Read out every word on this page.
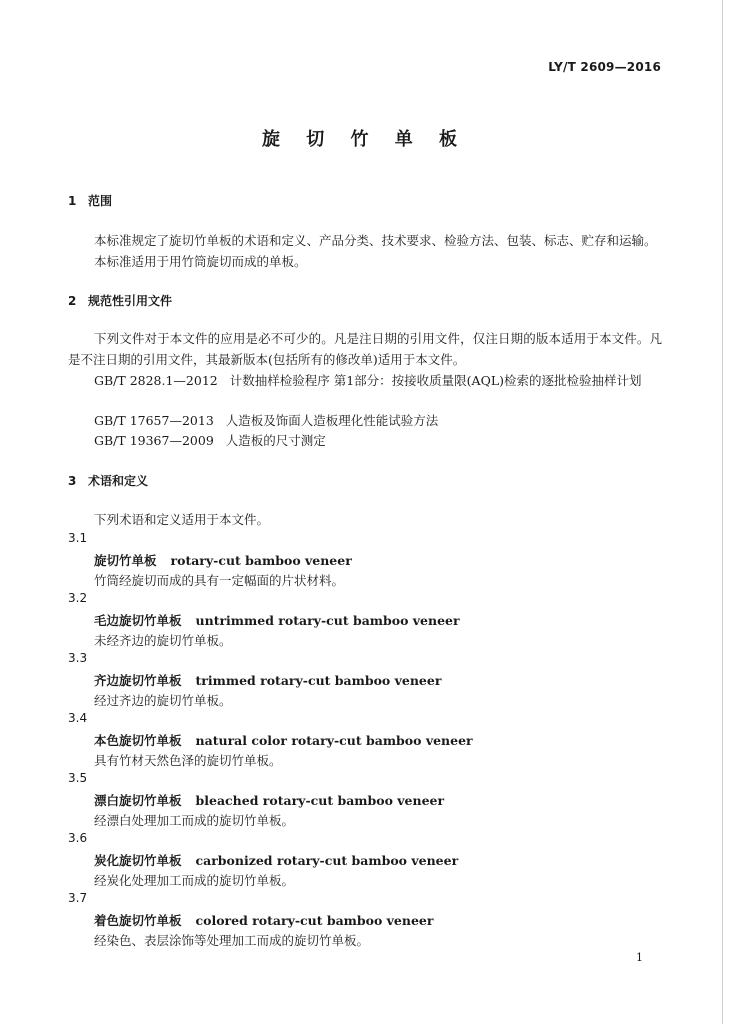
LY/T 2609—2016
旋 切 竹 单 板
1 范围
本标准规定了旋切竹单板的术语和定义、产品分类、技术要求、检验方法、包装、标志、贮存和运输。
本标准适用于用竹筒旋切而成的单板。
2 规范性引用文件
下列文件对于本文件的应用是必不可少的。凡是注日期的引用文件，仅注日期的版本适用于本文件。凡是不注日期的引用文件，其最新版本(包括所有的修改单)适用于本文件。
GB/T 2828.1—2012 计数抽样检验程序 第1部分：按接收质量限(AQL)检索的逐批检验抽样计划
GB/T 17657—2013 人造板及饰面人造板理化性能试验方法
GB/T 19367—2009 人造板的尺寸测定
3 术语和定义
下列术语和定义适用于本文件。
3.1
旋切竹单板 rotary-cut bamboo veneer
竹筒经旋切而成的具有一定幅面的片状材料。
3.2
毛边旋切竹单板 untrimmed rotary-cut bamboo veneer
未经齐边的旋切竹单板。
3.3
齐边旋切竹单板 trimmed rotary-cut bamboo veneer
经过齐边的旋切竹单板。
3.4
本色旋切竹单板 natural color rotary-cut bamboo veneer
具有竹材天然色泽的旋切竹单板。
3.5
漂白旋切竹单板 bleached rotary-cut bamboo veneer
经漂白处理加工而成的旋切竹单板。
3.6
炭化旋切竹单板 carbonized rotary-cut bamboo veneer
经炭化处理加工而成的旋切竹单板。
3.7
着色旋切竹单板 colored rotary-cut bamboo veneer
经染色、表层涂饰等处理加工而成的旋切竹单板。
1
